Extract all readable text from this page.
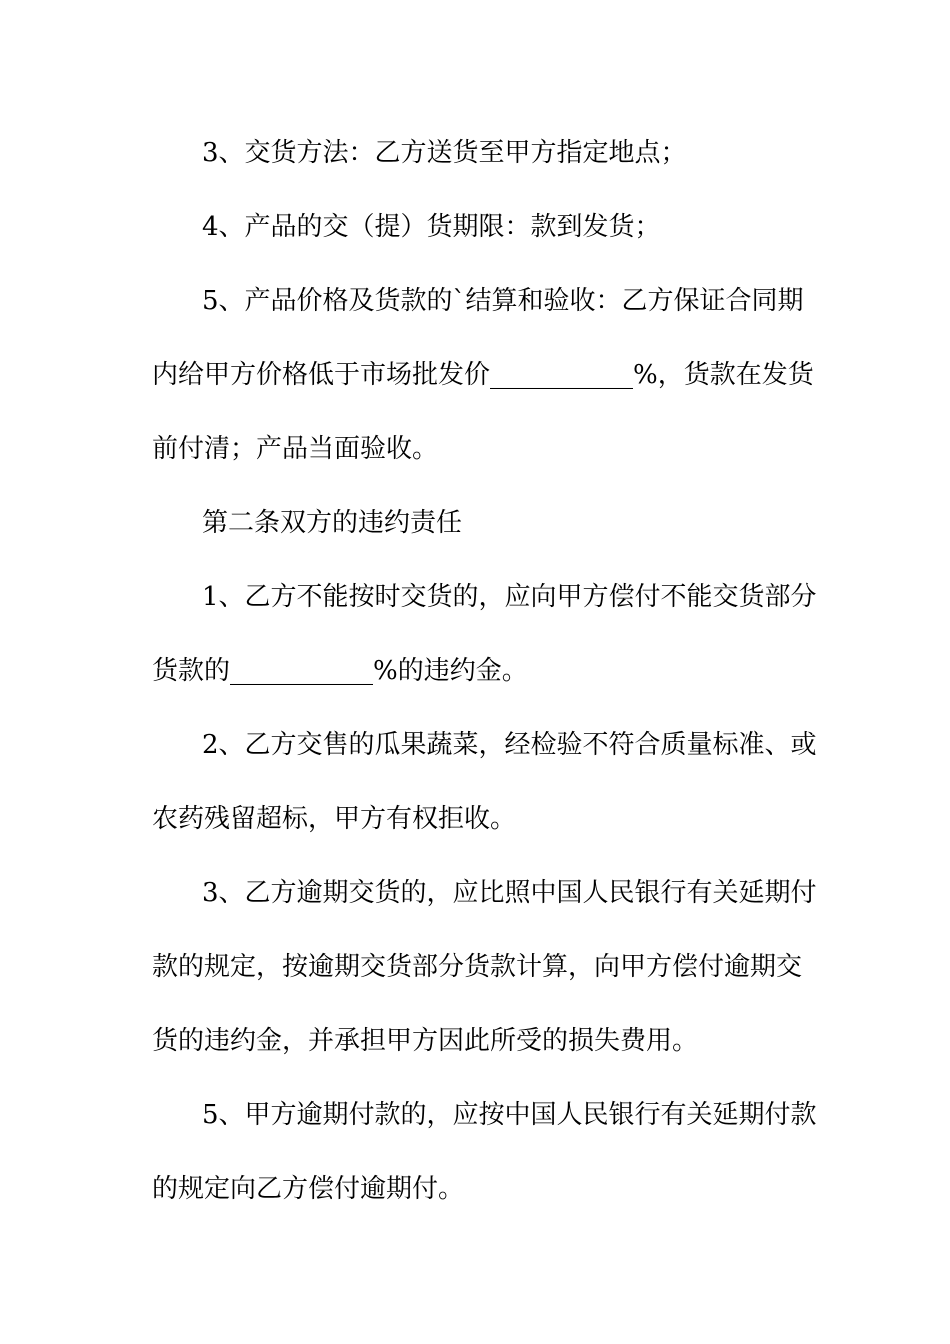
3、交货方法：乙方送货至甲方指定地点；

4、产品的交（提）货期限：款到发货；

5、产品价格及货款的`结算和验收：乙方保证合同期

内给甲方价格低于市场批发价___________%，货款在发货

前付清；产品当面验收。

第二条双方的违约责任

1、乙方不能按时交货的，应向甲方偿付不能交货部分

货款的___________%的违约金。

2、乙方交售的瓜果蔬菜，经检验不符合质量标准、或

农药残留超标，甲方有权拒收。

3、乙方逾期交货的，应比照中国人民银行有关延期付

款的规定，按逾期交货部分货款计算，向甲方偿付逾期交

货的违约金，并承担甲方因此所受的损失费用。

5、甲方逾期付款的，应按中国人民银行有关延期付款

的规定向乙方偿付逾期付。
